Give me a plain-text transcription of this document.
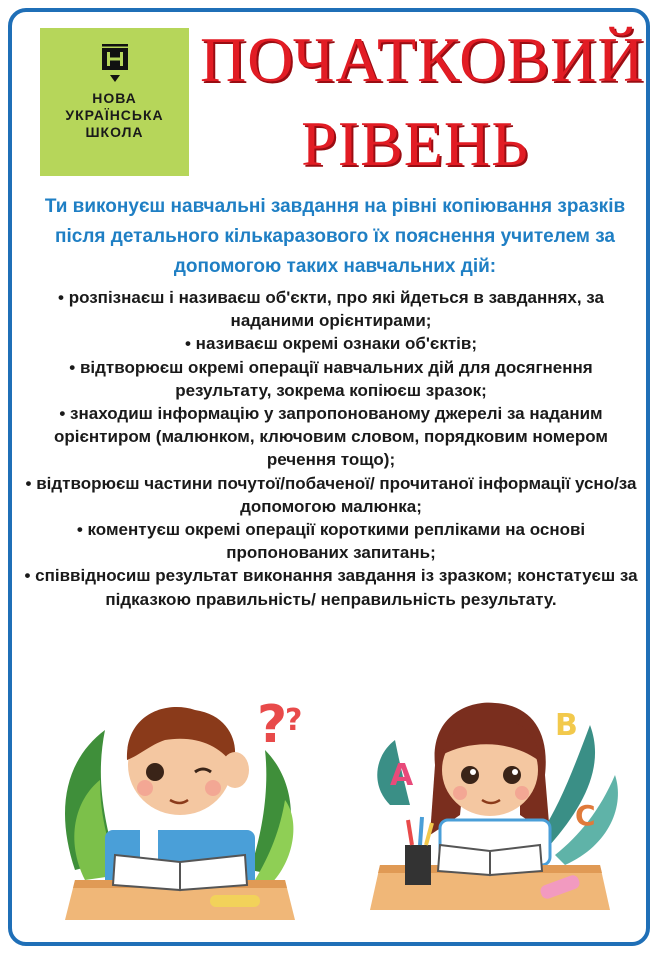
НОВА
УКРАЇНСЬКА
ШКОЛА
ПОЧАТКОВИЙ
РІВЕНЬ
Ти виконуєш навчальні завдання на рівні копіювання зразків після детального кількаразового їх пояснення учителем за допомогою таких навчальних дій:
• розпізнаєш і називаєш об'єкти, про які йдеться в завданнях, за наданими орієнтирами;
• називаєш окремі ознаки об'єктів;
• відтворюєш окремі операції навчальних дій для досягнення результату, зокрема копіюєш зразок;
• знаходиш інформацію у запропонованому джерелі за наданим орієнтиром (малюнком, ключовим словом, порядковим номером речення тощо);
• відтворюєш частини почутої/побаченої/ прочитаної інформації усно/за допомогою малюнка;
• коментуєш окремі операції короткими репліками на основі пропонованих запитань;
• співвідносиш результат виконання завдання із зразком; констатуєш за підказкою правильність/ неправильність результату.
?
?	B
A
C
